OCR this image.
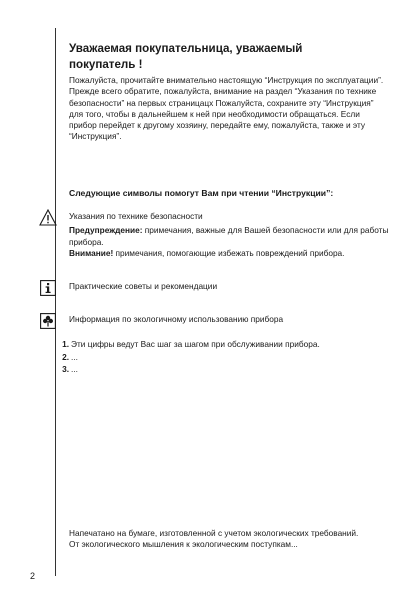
Уважаемая покупательница, уважаемый
покупатель !

Пожалуйста, прочитайте внимательно настоящую “Инструкция по эксплуатации”.

Прежде всего обратите, пожалуйста, внимание на раздел “Указания по технике безопасности” на первых страницацх Пожалуйста, сохраните эту “Инструкция” для того, чтобы в дальнейшем к ней при необходимости обращаться. Если прибор перейдет к другому хозяину, передайте ему, пожалуйста, также и эту “Инструкция”.

Следующие символы помогут Вам при чтении “Инструкции”:

Указания по технике безопасности

Предупреждение: примечания, важные для Вашей безопасности или для работы прибора.

Внимание! примечания, помогающие избежать повреждений прибора.

Практические советы и рекомендации

Информация по экологичному использованию прибора

1. Эти цифры ведут Вас шаг за шагом при обслуживании прибора.
2. ...
3. ...

Напечатано на бумаге, изготовленной с учетом экологических требований.

От экологического мышления к экологическим поступкам...

2
